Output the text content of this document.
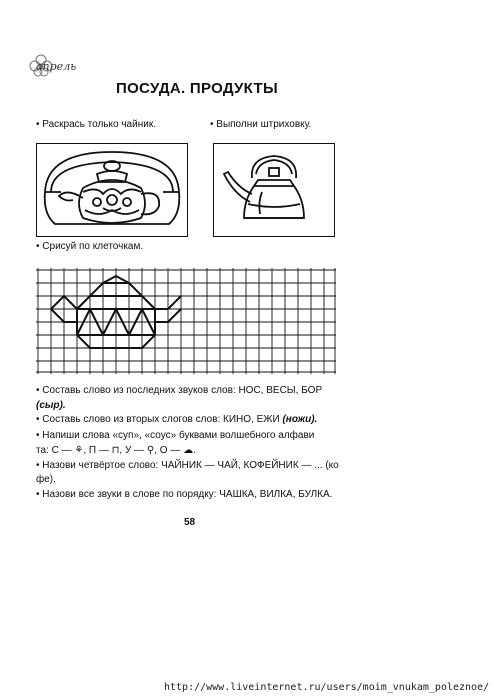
апрель
ПОСУДА. ПРОДУКТЫ
• Раскрась только чайник.	• Выполни штриховку.
• Срисуй по клеточкам.
• Составь слово из последних звуков слов: НОС, ВЕСЫ, БОР
(сыр).
• Составь слово из вторых слогов слов: КИНО, ЕЖИ (ножи).
• Напиши слова «суп», «соус» буквами волшебного алфави
та: С — ⚘, П — ⊓, У — ⚲, О — ☁.
• Назови четвёртое слово: ЧАЙНИК — ЧАЙ, КОФЕЙНИК — ... (ко
фе).
• Назови все звуки в слове по порядку: ЧАШКА, ВИЛКА, БУЛКА.
58
http://www.liveinternet.ru/users/moim_vnukam_poleznoe/
